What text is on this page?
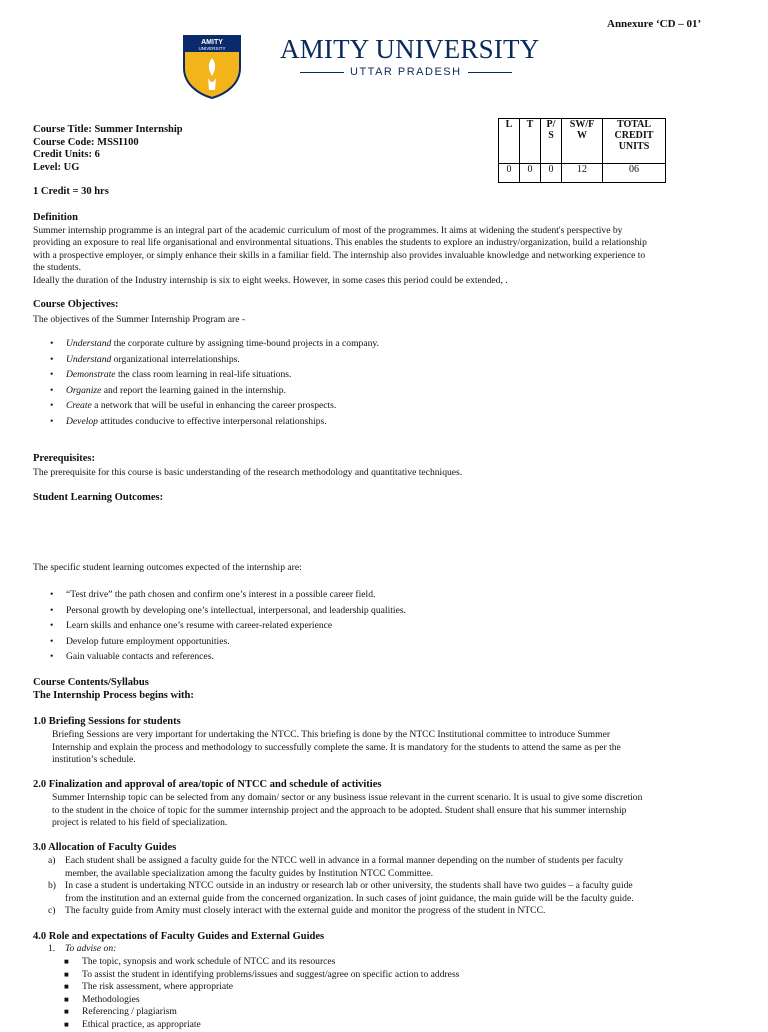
Annexure ‘CD – 01’
AMITY
UNIVERSITY AMITY UNIVERSITY
UTTAR PRADESH
Course Title: Summer Internship
Course Code: MSSI100
Credit Units: 6
Level: UG
L	T	P/ S	SW/F W	TOTAL CREDIT UNITS
0	0	0	12	06
1 Credit = 30 hrs
Definition
Summer internship programme is an integral part of the academic curriculum of most of the programmes. It aims at widening the student's perspective by
providing an exposure to real life organisational and environmental situations. This enables the students to explore an industry/organization, build a relationship
with a prospective employer, or simply enhance their skills in a familiar field. The internship also provides invaluable knowledge and networking experience to
the students.
Ideally the duration of the Industry internship is six to eight weeks. However, in some cases this period could be extended, .
Course Objectives:
The objectives of the Summer Internship Program are -
•	Understand the corporate culture by assigning time-bound projects in a company.
•	Understand organizational interrelationships.
•	Demonstrate the class room learning in real-life situations.
•	Organize and report the learning gained in the internship.
•	Create a network that will be useful in enhancing the career prospects.
•	Develop attitudes conducive to effective interpersonal relationships.
Prerequisites:
The prerequisite for this course is basic understanding of the research methodology and quantitative techniques.
Student Learning Outcomes:
The specific student learning outcomes expected of the internship are:
•	“Test drive” the path chosen and confirm one’s interest in a possible career field.
•	Personal growth by developing one’s intellectual, interpersonal, and leadership qualities.
•	Learn skills and enhance one’s resume with career-related experience
•	Develop future employment opportunities.
•	Gain valuable contacts and references.
Course Contents/Syllabus
The Internship Process begins with:
1.0 Briefing Sessions for students
Briefing Sessions are very important for undertaking the NTCC. This briefing is done by the NTCC Institutional committee to introduce Summer
Internship and explain the process and methodology to successfully complete the same. It is mandatory for the students to attend the same as per the
institution’s schedule.
2.0 Finalization and approval of area/topic of NTCC and schedule of activities
Summer Internship topic can be selected from any domain/ sector or any business issue relevant in the current scenario. It is usual to give some discretion
to the student in the choice of topic for the summer internship project and the approach to be adopted. Student shall ensure that his summer internship
project is related to his field of specialization.
3.0 Allocation of Faculty Guides
a) Each student shall be assigned a faculty guide for the NTCC well in advance in a formal manner depending on the number of students per faculty
member, the available specialization among the faculty guides by Institution NTCC Committee.
b) In case a student is undertaking NTCC outside in an industry or research lab or other university, the students shall have two guides – a faculty guide
from the institution and an external guide from the concerned organization. In such cases of joint guidance, the main guide will be the faculty guide.
c) The faculty guide from Amity must closely interact with the external guide and monitor the progress of the student in NTCC.
4.0 Role and expectations of Faculty Guides and External Guides
1.	To advise on:
■	The topic, synopsis and work schedule of NTCC and its resources
■	To assist the student in identifying problems/issues and suggest/agree on specific action to address
■	The risk assessment, where appropriate
■	Methodologies
■	Referencing / plagiarism
■	Ethical practice, as appropriate
